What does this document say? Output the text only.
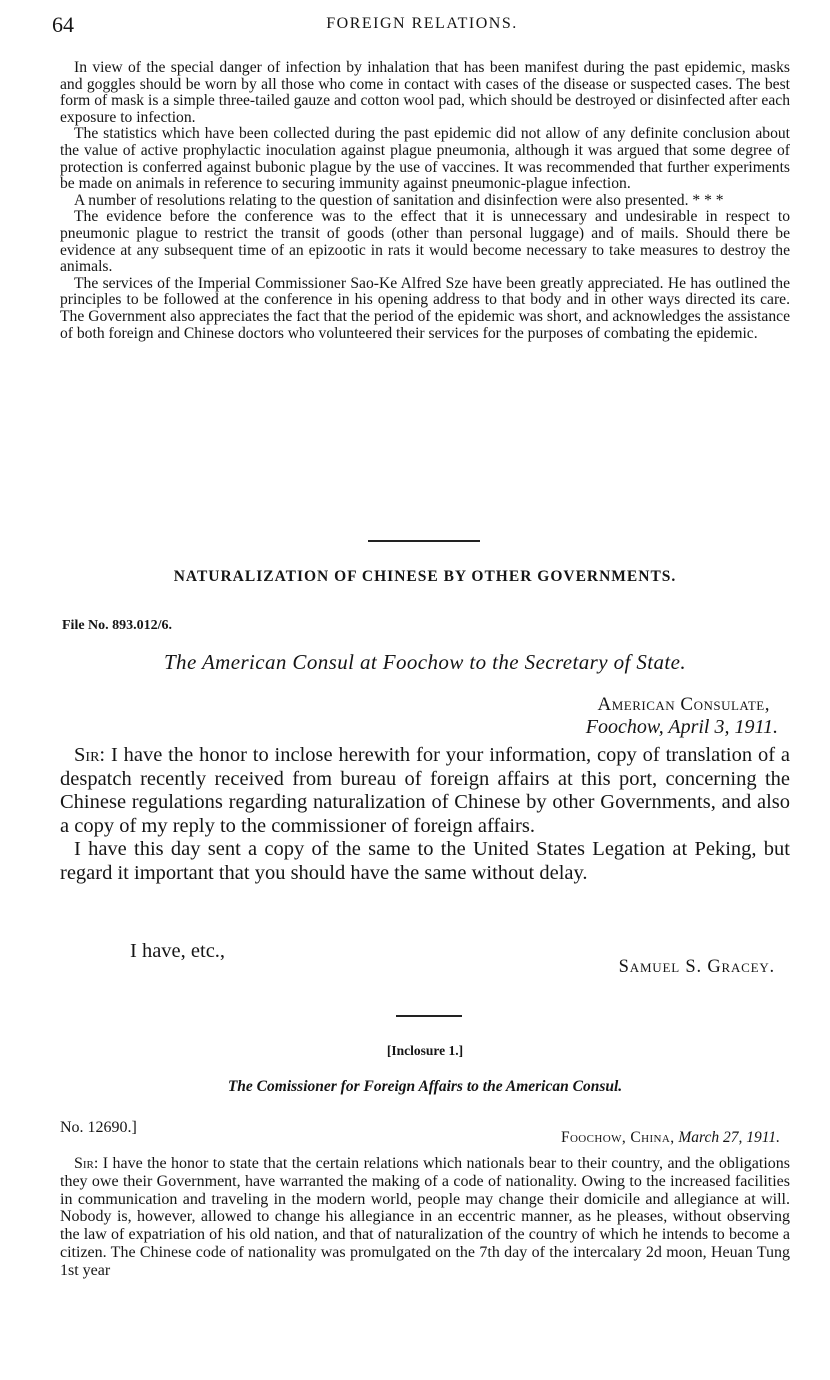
64	FOREIGN RELATIONS.

In view of the special danger of infection by inhalation that has been manifest during the past epidemic, masks and goggles should be worn by all those who come in contact with cases of the disease or suspected cases. The best form of mask is a simple three-tailed gauze and cotton wool pad, which should be destroyed or disinfected after each exposure to infection.

The statistics which have been collected during the past epidemic did not allow of any definite conclusion about the value of active prophylactic inoculation against plague pneumonia, although it was argued that some degree of protection is conferred against bubonic plague by the use of vaccines. It was recommended that further experiments be made on animals in reference to securing immunity against pneumonic-plague infection.

A number of resolutions relating to the question of sanitation and disinfection were also presented. * * *

The evidence before the conference was to the effect that it is unnecessary and undesirable in respect to pneumonic plague to restrict the transit of goods (other than personal luggage) and of mails. Should there be evidence at any subsequent time of an epizootic in rats it would become necessary to take measures to destroy the animals.

The services of the Imperial Commissioner Sao-Ke Alfred Sze have been greatly appreciated. He has outlined the principles to be followed at the conference in his opening address to that body and in other ways directed its care. The Government also appreciates the fact that the period of the epidemic was short, and acknowledges the assistance of both foreign and Chinese doctors who volunteered their services for the purposes of combating the epidemic.

NATURALIZATION OF CHINESE BY OTHER GOVERNMENTS.
File No. 893.012/6.
The American Consul at Foochow to the Secretary of State.
American Consulate,
Foochow, April 3, 1911.

Sir: I have the honor to inclose herewith for your information, copy of translation of a despatch recently received from bureau of foreign affairs at this port, concerning the Chinese regulations regarding naturalization of Chinese by other Governments, and also a copy of my reply to the commissioner of foreign affairs.

I have this day sent a copy of the same to the United States Legation at Peking, but regard it important that you should have the same without delay.

I have, etc.,
Samuel S. Gracey.
[Inclosure 1.]
The Comissioner for Foreign Affairs to the American Consul.
No. 12690.]
Foochow, China, March 27, 1911.

Sir: I have the honor to state that the certain relations which nationals bear to their country, and the obligations they owe their Government, have warranted the making of a code of nationality. Owing to the increased facilities in communication and traveling in the modern world, people may change their domicile and allegiance at will. Nobody is, however, allowed to change his allegiance in an eccentric manner, as he pleases, without observing the law of expatriation of his old nation, and that of naturalization of the country of which he intends to become a citizen. The Chinese code of nationality was promulgated on the 7th day of the intercalary 2d moon, Heuan Tung 1st year
